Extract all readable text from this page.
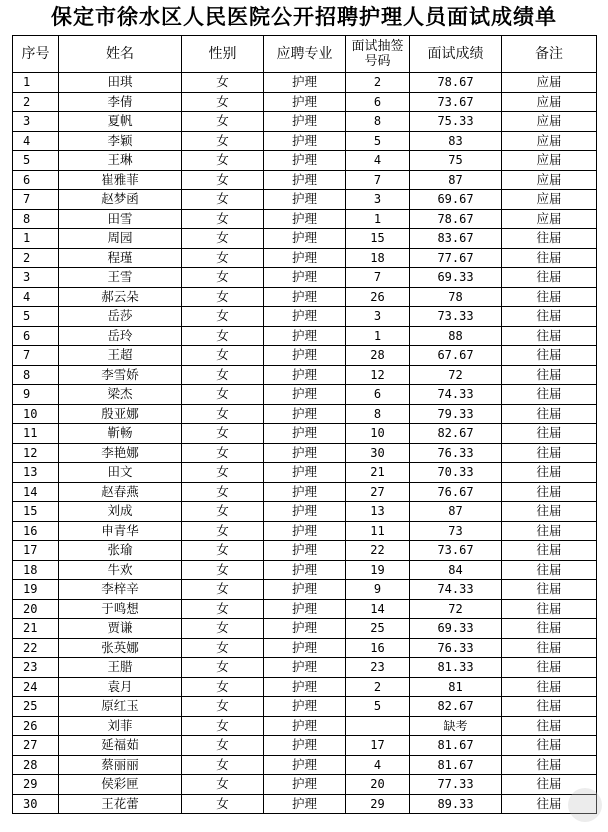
保定市徐水区人民医院公开招聘护理人员面试成绩单
序号	姓名	性别	应聘专业	面试抽签号码	面试成绩	备注
1	田琪	女	护理	2	78.67	应届
2	李倩	女	护理	6	73.67	应届
3	夏帆	女	护理	8	75.33	应届
4	李颖	女	护理	5	83	应届
5	王琳	女	护理	4	75	应届
6	崔雅菲	女	护理	7	87	应届
7	赵梦函	女	护理	3	69.67	应届
8	田雪	女	护理	1	78.67	应届
1	周园	女	护理	15	83.67	往届
2	程瑾	女	护理	18	77.67	往届
3	王雪	女	护理	7	69.33	往届
4	郝云朵	女	护理	26	78	往届
5	岳莎	女	护理	3	73.33	往届
6	岳玲	女	护理	1	88	往届
7	王超	女	护理	28	67.67	往届
8	李雪娇	女	护理	12	72	往届
9	梁杰	女	护理	6	74.33	往届
10	殷亚娜	女	护理	8	79.33	往届
11	靳畅	女	护理	10	82.67	往届
12	李艳娜	女	护理	30	76.33	往届
13	田文	女	护理	21	70.33	往届
14	赵春燕	女	护理	27	76.67	往届
15	刘成	女	护理	13	87	往届
16	申青华	女	护理	11	73	往届
17	张瑜	女	护理	22	73.67	往届
18	牛欢	女	护理	19	84	往届
19	李梓辛	女	护理	9	74.33	往届
20	于鸣想	女	护理	14	72	往届
21	贾谦	女	护理	25	69.33	往届
22	张英娜	女	护理	16	76.33	往届
23	王腊	女	护理	23	81.33	往届
24	袁月	女	护理	2	81	往届
25	原红玉	女	护理	5	82.67	往届
26	刘菲	女	护理		缺考	往届
27	延福茹	女	护理	17	81.67	往届
28	蔡丽丽	女	护理	4	81.67	往届
29	侯彩匣	女	护理	20	77.33	往届
30	王花蕾	女	护理	29	89.33	往届
